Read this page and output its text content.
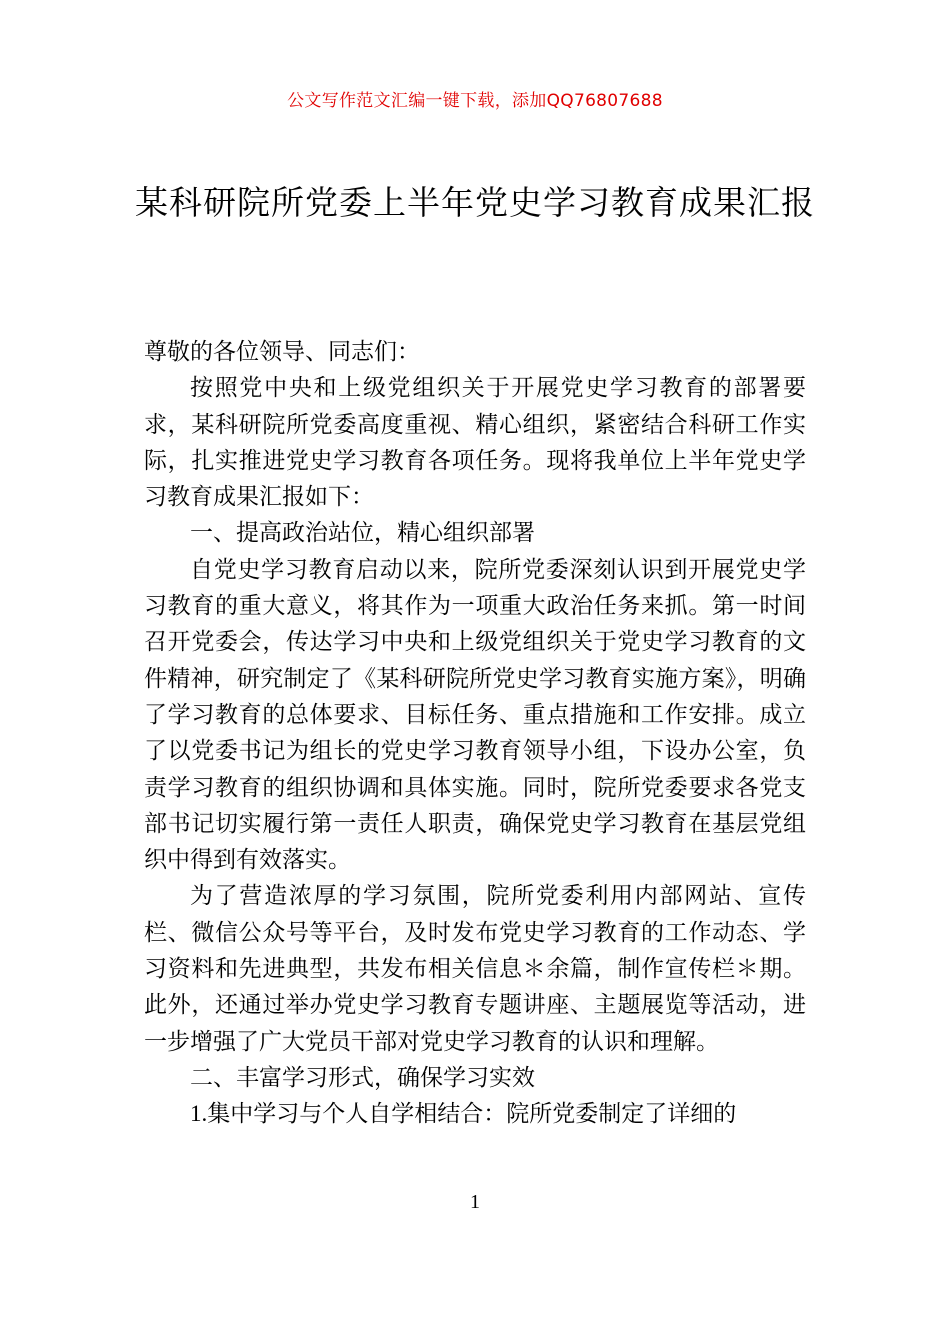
公文写作范文汇编一键下载，添加QQ76807688
某科研院所党委上半年党史学习教育成果汇报

尊敬的各位领导、同志们：

按照党中央和上级党组织关于开展党史学习教育的部署要求，某科研院所党委高度重视、精心组织，紧密结合科研工作实际，扎实推进党史学习教育各项任务。现将我单位上半年党史学习教育成果汇报如下：

一、提高政治站位，精心组织部署

自党史学习教育启动以来，院所党委深刻认识到开展党史学习教育的重大意义，将其作为一项重大政治任务来抓。第一时间召开党委会，传达学习中央和上级党组织关于党史学习教育的文件精神，研究制定了《某科研院所党史学习教育实施方案》，明确了学习教育的总体要求、目标任务、重点措施和工作安排。成立了以党委书记为组长的党史学习教育领导小组，下设办公室，负责学习教育的组织协调和具体实施。同时，院所党委要求各党支部书记切实履行第一责任人职责，确保党史学习教育在基层党组织中得到有效落实。

为了营造浓厚的学习氛围，院所党委利用内部网站、宣传栏、微信公众号等平台，及时发布党史学习教育的工作动态、学习资料和先进典型，共发布相关信息＊余篇，制作宣传栏＊期。此外，还通过举办党史学习教育专题讲座、主题展览等活动，进一步增强了广大党员干部对党史学习教育的认识和理解。

二、丰富学习形式，确保学习实效

1.集中学习与个人自学相结合：院所党委制定了详细的

1
